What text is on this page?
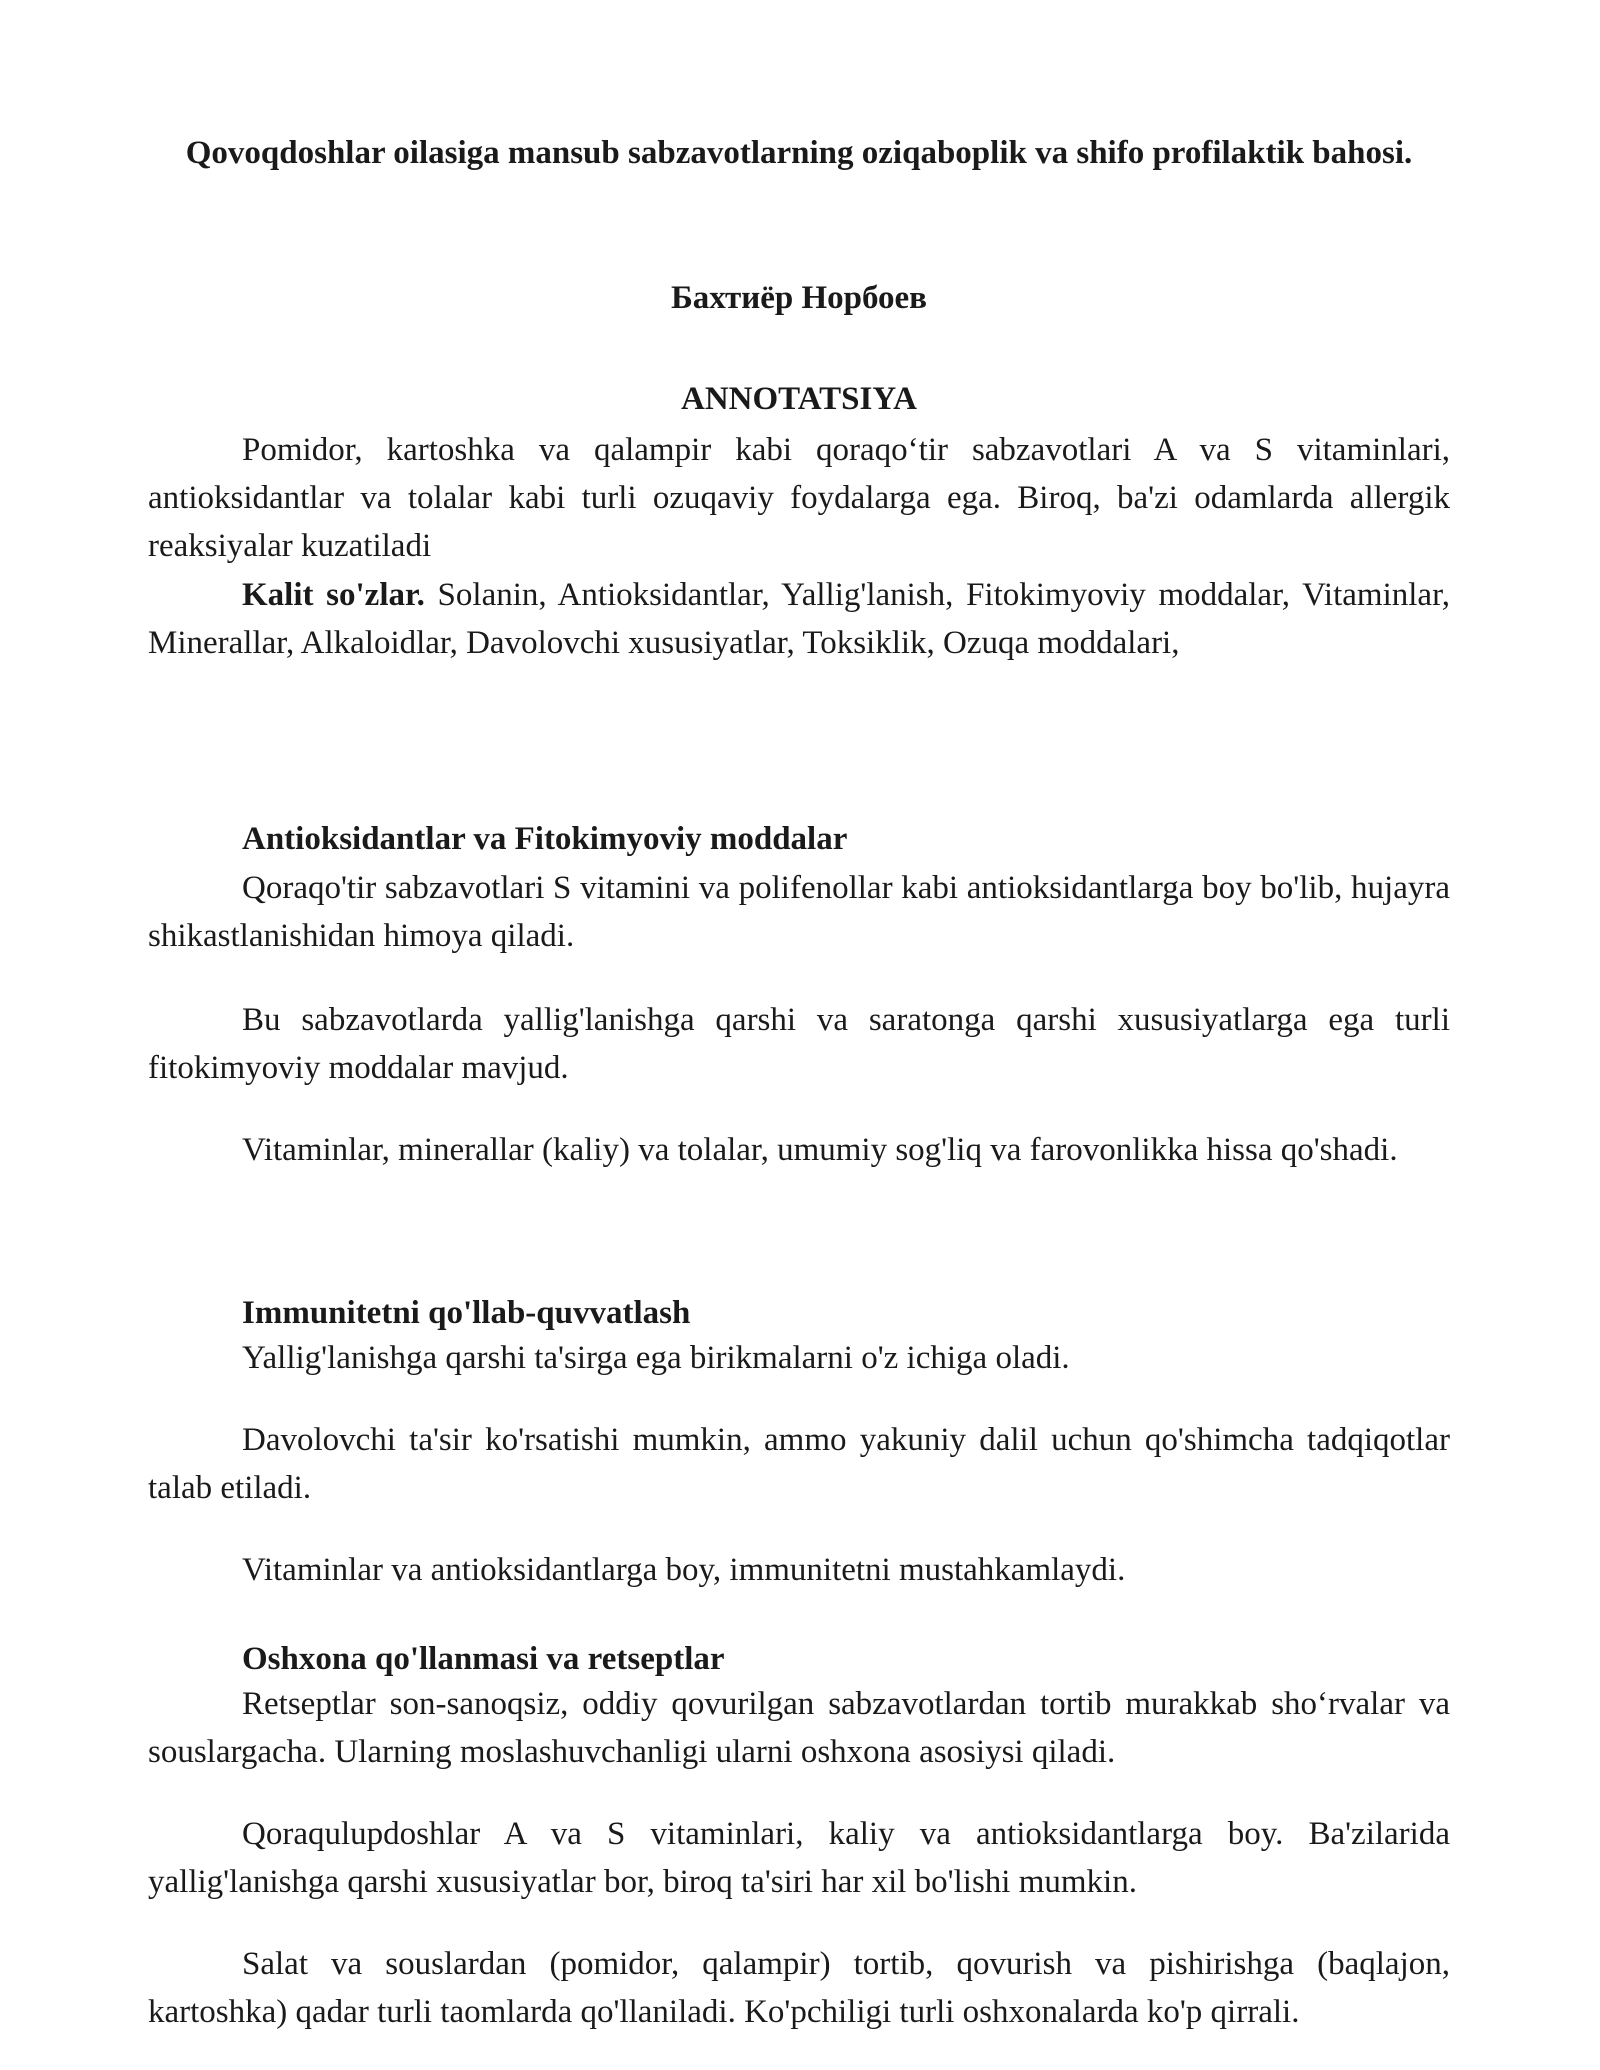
Qovoqdoshlar oilasiga mansub sabzavotlarning oziqaboplik va shifo profilaktik bahosi.
Бахтиёр Норбоев
ANNOTATSIYA

Pomidor, kartoshka va qalampir kabi qoraqo‘tir sabzavotlari A va S vitaminlari, antioksidantlar va tolalar kabi turli ozuqaviy foydalarga ega. Biroq, ba'zi odamlarda allergik reaksiyalar kuzatiladi

Kalit so'zlar. Solanin, Antioksidantlar, Yallig'lanish, Fitokimyoviy moddalar, Vitaminlar, Minerallar, Alkaloidlar, Davolovchi xususiyatlar, Toksiklik, Ozuqa moddalari,

Antioksidantlar va Fitokimyoviy moddalar

Qoraqo'tir sabzavotlari S vitamini va polifenollar kabi antioksidantlarga boy bo'lib, hujayra shikastlanishidan himoya qiladi.

Bu sabzavotlarda yallig'lanishga qarshi va saratonga qarshi xususiyatlarga ega turli fitokimyoviy moddalar mavjud.

Vitaminlar, minerallar (kaliy) va tolalar, umumiy sog'liq va farovonlikka hissa qo'shadi.

Immunitetni qo'llab-quvvatlash

Yallig'lanishga qarshi ta'sirga ega birikmalarni o'z ichiga oladi.

Davolovchi ta'sir ko'rsatishi mumkin, ammo yakuniy dalil uchun qo'shimcha tadqiqotlar talab etiladi.

Vitaminlar va antioksidantlarga boy, immunitetni mustahkamlaydi.

Oshxona qo'llanmasi va retseptlar

Retseptlar son-sanoqsiz, oddiy qovurilgan sabzavotlardan tortib murakkab sho‘rvalar va souslargacha. Ularning moslashuvchanligi ularni oshxona asosiysi qiladi.

Qoraqulupdoshlar A va S vitaminlari, kaliy va antioksidantlarga boy. Ba'zilarida yallig'lanishga qarshi xususiyatlar bor, biroq ta'siri har xil bo'lishi mumkin.

Salat va souslardan (pomidor, qalampir) tortib, qovurish va pishirishga (baqlajon, kartoshka) qadar turli taomlarda qo'llaniladi. Ko'pchiligi turli oshxonalarda ko'p qirrali.
